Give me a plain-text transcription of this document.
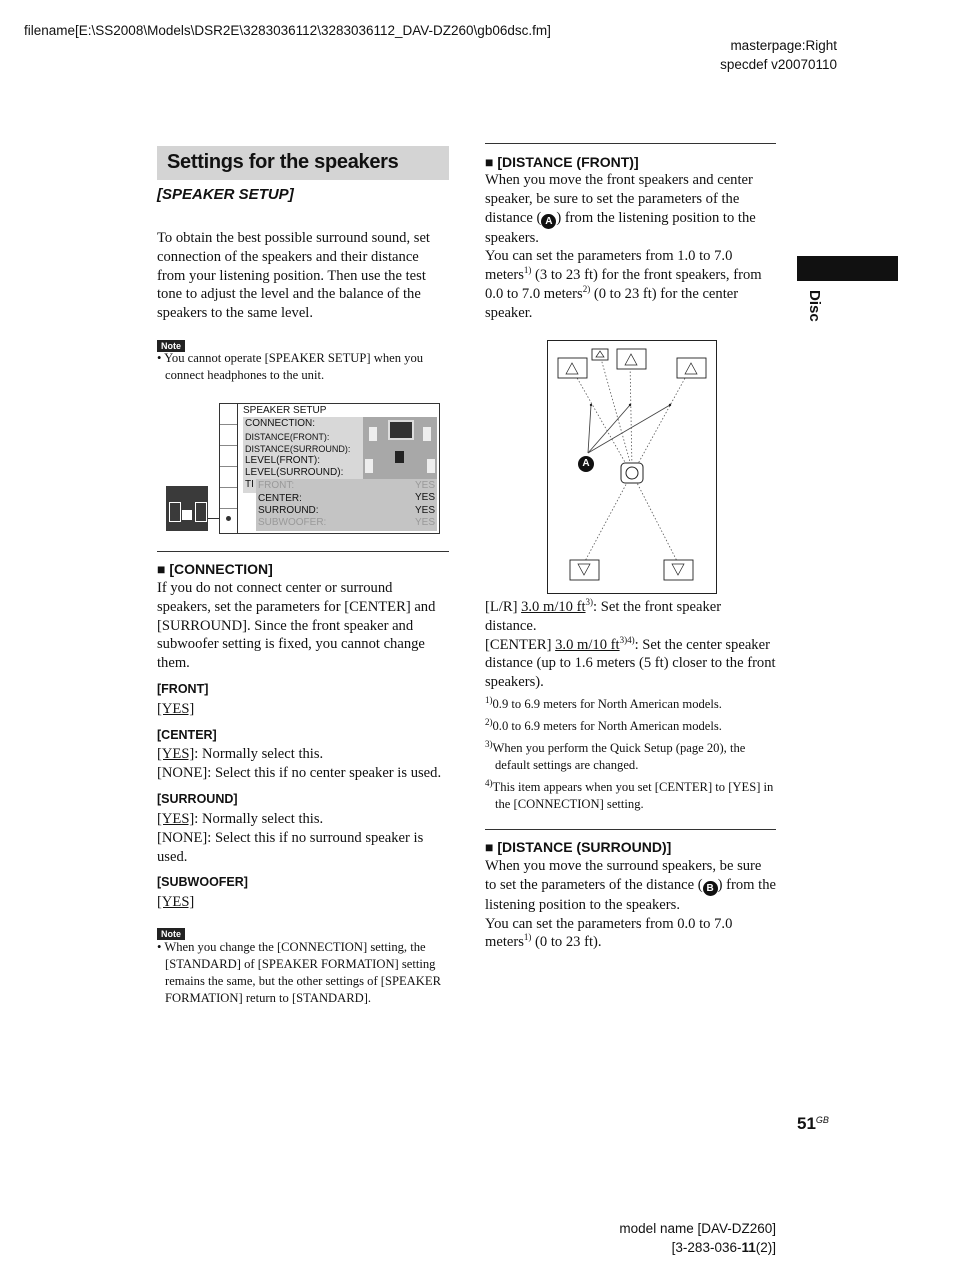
filename[E:\SS2008\Models\DSR2E\3283036112\3283036112_DAV-DZ260\gb06dsc.fm]
masterpage:Right
specdef v20070110
Disc
Settings for the speakers
[SPEAKER SETUP]
To obtain the best possible surround sound, set connection of the speakers and their distance from your listening position. Then use the test tone to adjust the level and the balance of the speakers to the same level.
Note
• You cannot operate [SPEAKER SETUP] when you connect headphones to the unit.
SPEAKER SETUP
CONNECTION:
DISTANCE(FRONT):
DISTANCE(SURROUND):
LEVEL(FRONT):
LEVEL(SURROUND):
TI FRONT:	YES
CENTER:	YES
SURROUND:	YES
SUBWOOFER:	YES
■ [CONNECTION]
If you do not connect center or surround speakers, set the parameters for [CENTER] and [SURROUND]. Since the front speaker and subwoofer setting is fixed, you cannot change them.
[FRONT]
[YES]
[CENTER]
[YES]: Normally select this.
[NONE]: Select this if no center speaker is used.
[SURROUND]
[YES]: Normally select this.
[NONE]: Select this if no surround speaker is used.
[SUBWOOFER]
[YES]
Note
• When you change the [CONNECTION] setting, the [STANDARD] of [SPEAKER FORMATION] setting remains the same, but the other settings of [SPEAKER FORMATION] return to [STANDARD].
■ [DISTANCE (FRONT)]
When you move the front speakers and center speaker, be sure to set the parameters of the distance ( A ) from the listening position to the speakers.
You can set the parameters from 1.0 to 7.0 meters$^{1)}$ (3 to 23 ft) for the front speakers, from 0.0 to 7.0 meters$^{2)}$ (0 to 23 ft) for the center speaker.
A
[L/R] 3.0 m/10 $ft^{3)}$: Set the front speaker distance.
[CENTER] 3.0 m/10 $ft^{3)4)}$: Set the center speaker distance (up to 1.6 meters (5 ft) closer to the front speakers).
$^{1)}$0.9 to 6.9 meters for North American models.
$^{2)}$0.0 to 6.9 meters for North American models.
$^{3)}$When you perform the Quick Setup (page 20), the default settings are changed.
$^{4)}$This item appears when you set [CENTER] to [YES] in the [CONNECTION] setting.
■ [DISTANCE (SURROUND)]
When you move the surround speakers, be sure to set the parameters of the distance ( B ) from the listening position to the speakers.
You can set the parameters from 0.0 to 7.0 meters$^{1)}$ (0 to 23 ft).
$51^{GB}$
model name [DAV-DZ260]
[3-283-036-11(2)]
